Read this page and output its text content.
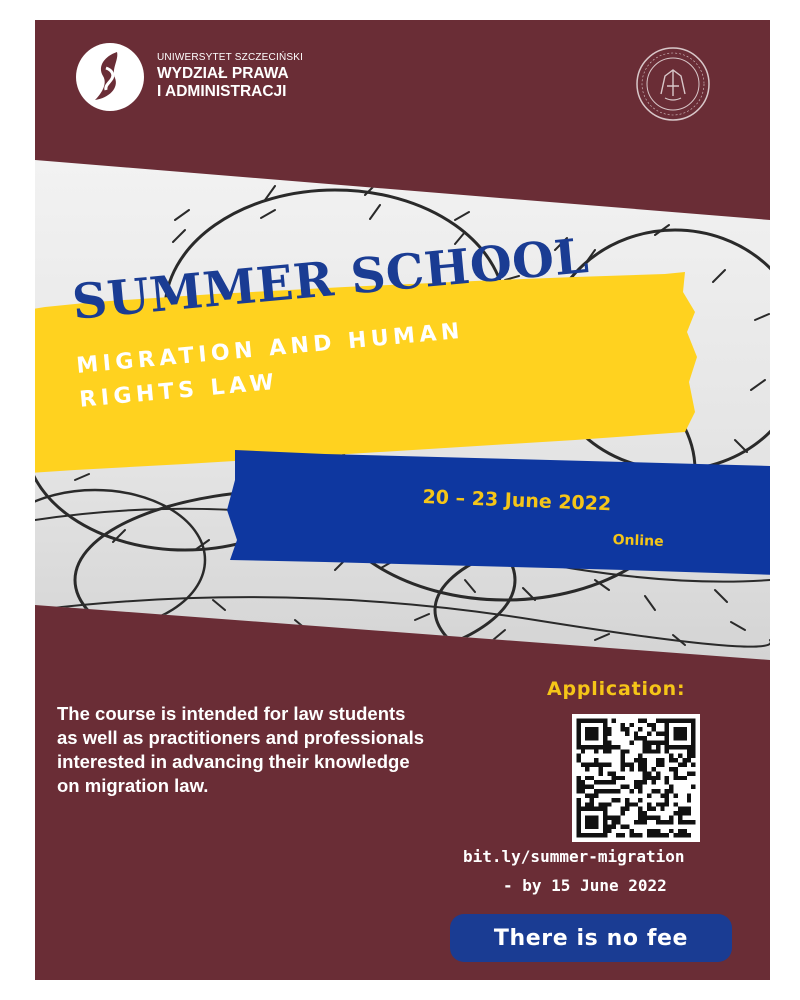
UNIWERSYTET SZCZECIŃSKI
WYDZIAŁ PRAWA
I ADMINISTRACJI
SUMMER SCHOOL
MIGRATION AND HUMAN
RIGHTS LAW
20 – 23 June 2022
Online
The course is intended for law students as well as practitioners and professionals interested in advancing their knowledge on migration law.
Application:
bit.ly/summer-migration
- by 15 June 2022
There is no fee
